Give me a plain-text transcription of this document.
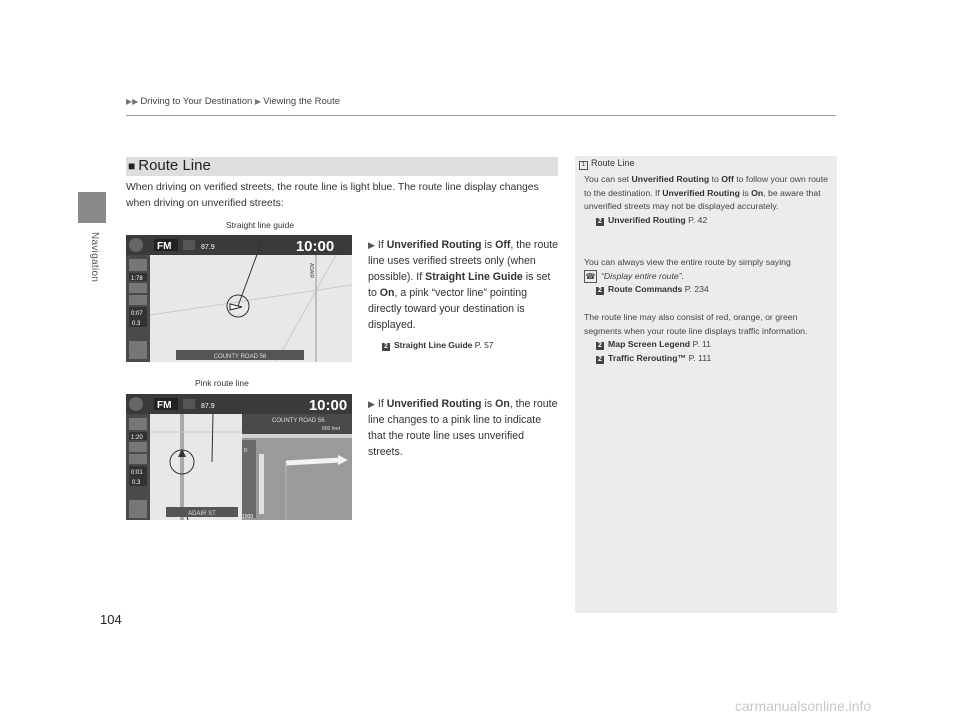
Navigation
▶▶ Driving to Your Destination ▶ Viewing the Route
■ Route Line
When driving on verified streets, the route line is light blue. The route line display changes when driving on unverified streets:
Straight line guide
Pink route line
FM	87.9	10:00
1:78
0:07
0.3
ADAIR
COUNTY ROAD 56
FM	87.9	10:00
1:20
0:01
0.3
COUNTY ROAD 56
800 feet
0
1000
ADAIR ST
▶ If Unverified Routing is Off, the route line uses verified streets only (when possible). If Straight Line Guide is set to On, a pink “vector line” pointing directly toward your destination is displayed.
2 Straight Line Guide P. 57
▶ If Unverified Routing is On, the route line changes to a pink line to indicate that the route line uses unverified streets.
1 Route Line
You can set Unverified Routing to Off to follow your own route to the destination. If Unverified Routing is On, be aware that unverified streets may not be displayed accurately.
2 Unverified Routing P. 42
You can always view the entire route by simply saying
☎ “Display entire route”.
2 Route Commands P. 234
The route line may also consist of red, orange, or green segments when your route line displays traffic information.
2 Map Screen Legend P. 11
2 Traffic Rerouting™ P. 111
104
carmanualsonline.info
